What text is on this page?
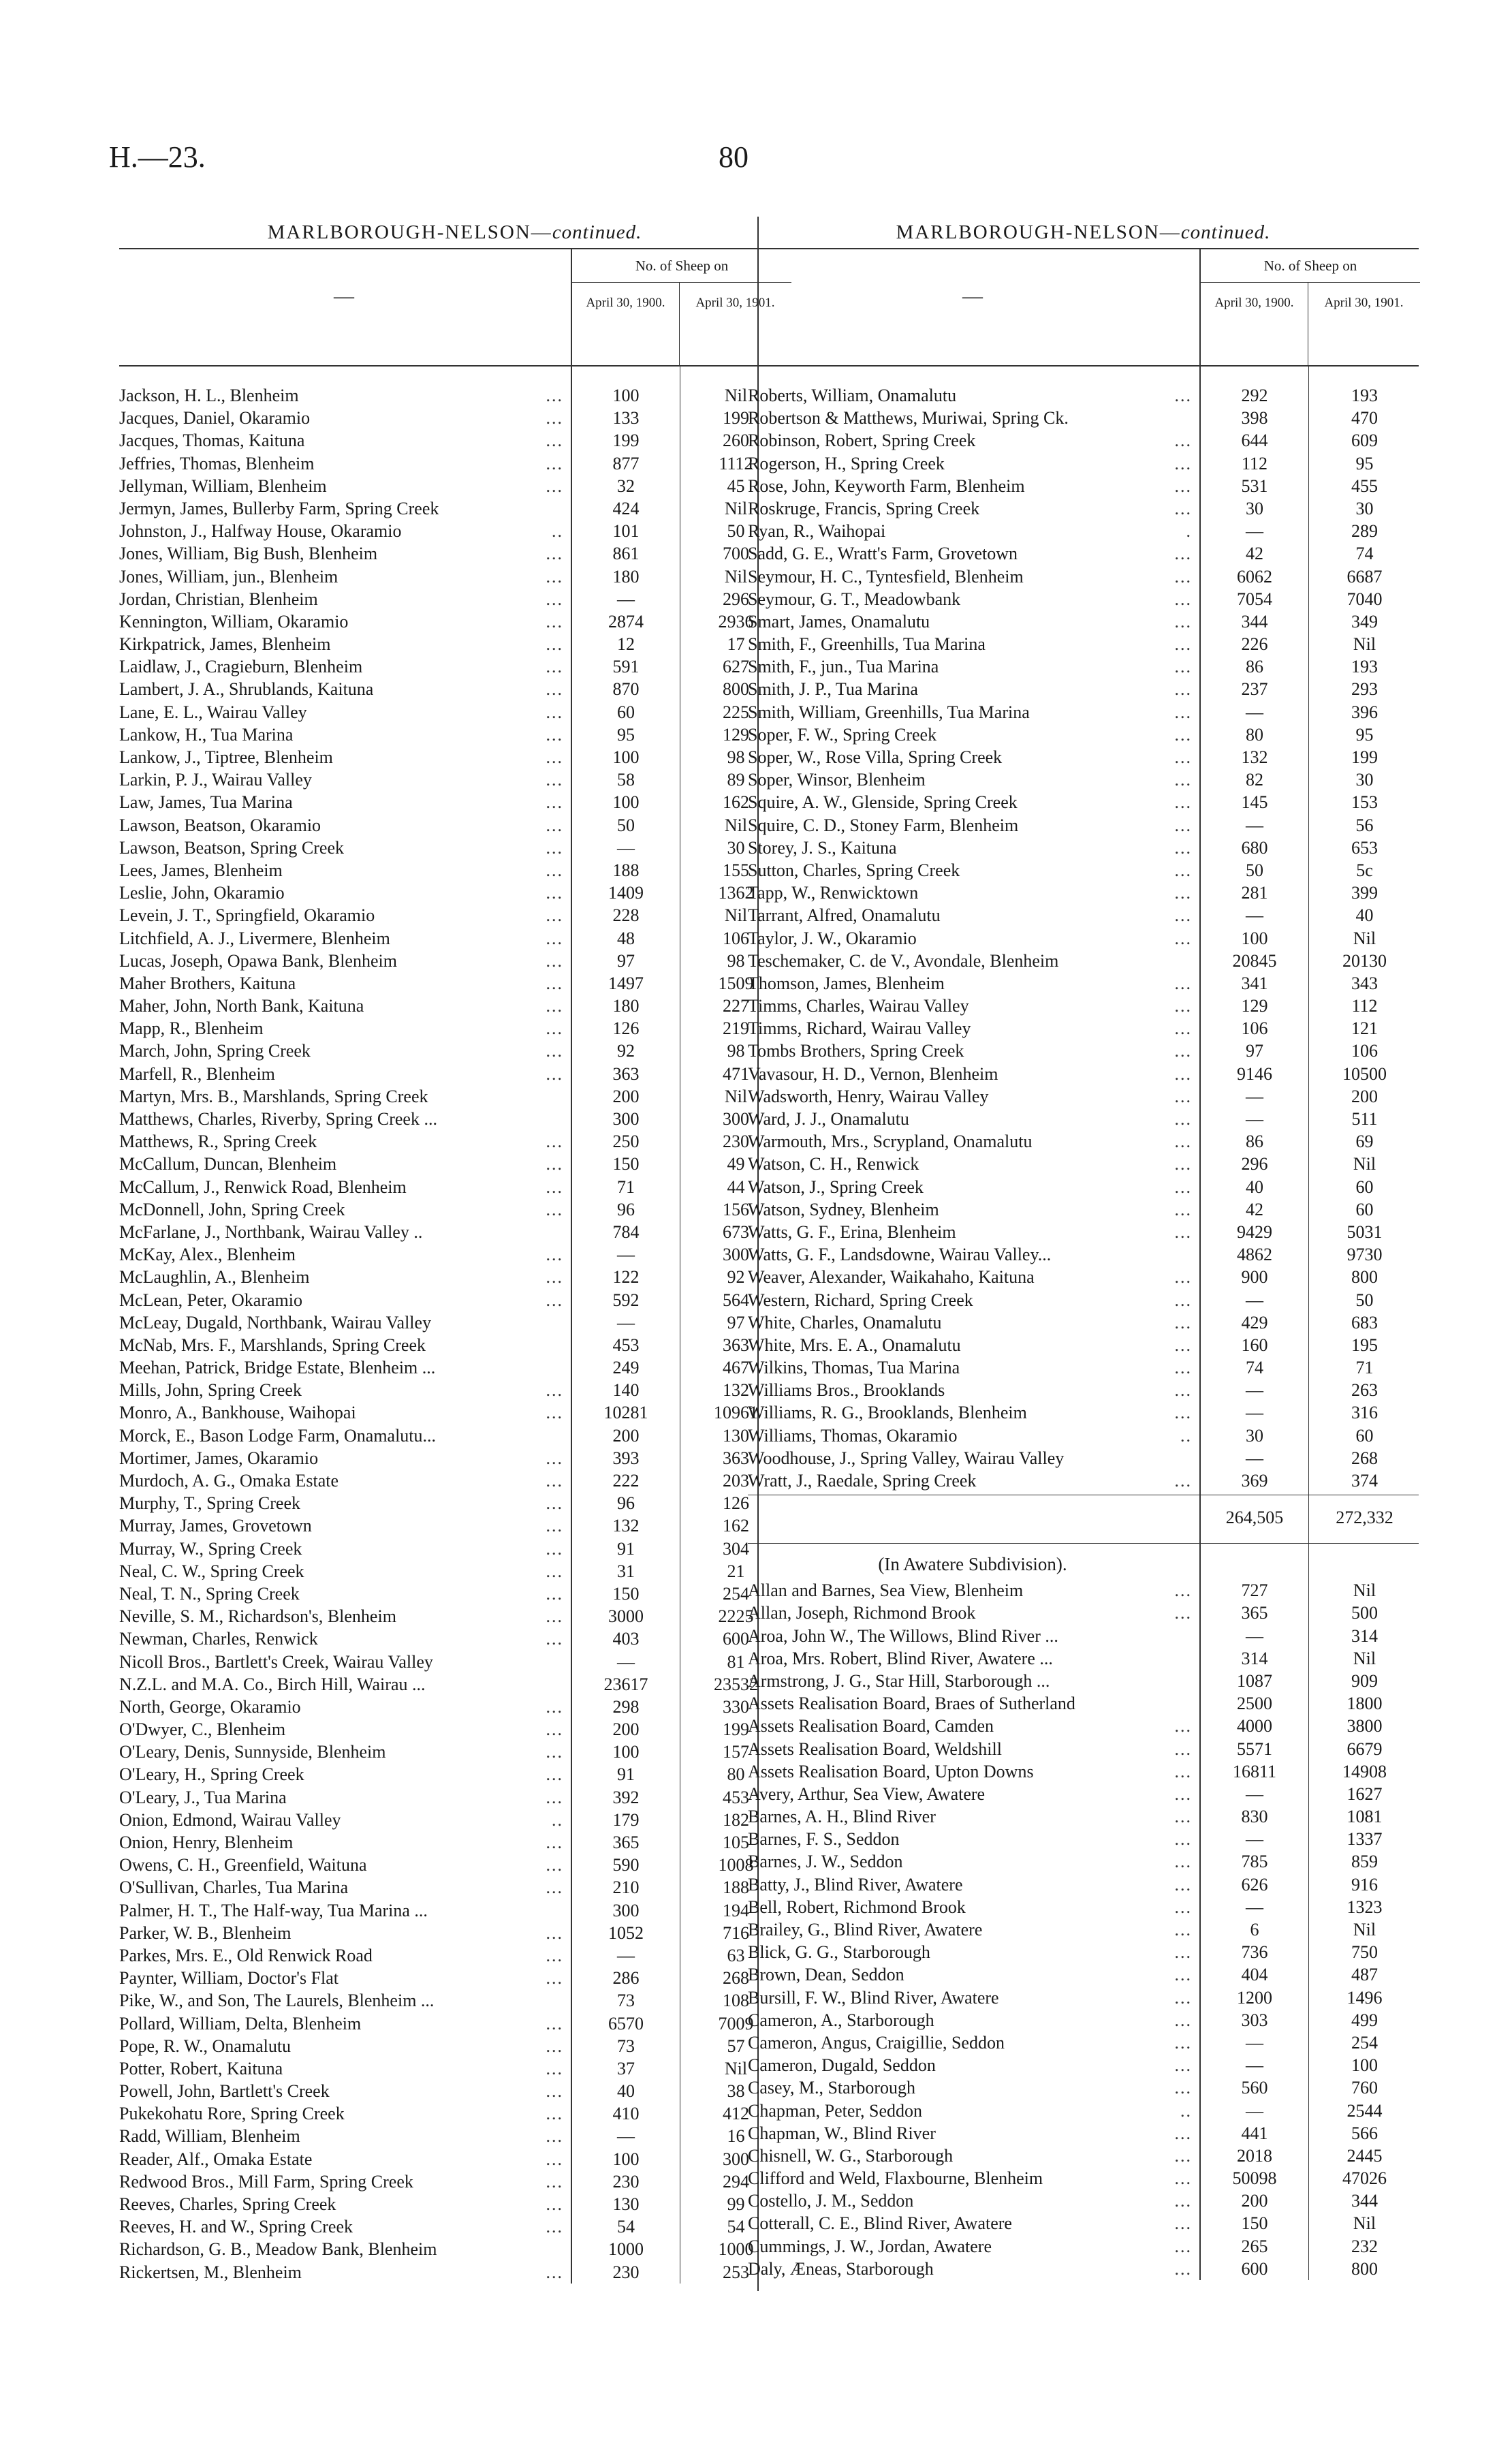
H.—23.	80
MARLBOROUGH-NELSON—continued.
—
No. of Sheep on
April 30, 1900.	April 30, 1901.
Jackson, H. L., Blenheim	...	100	Nil
Jacques, Daniel, Okaramio	...	133	199
Jacques, Thomas, Kaituna	...	199	260
Jeffries, Thomas, Blenheim	...	877	1112
Jellyman, William, Blenheim	...	32	45
Jermyn, James, Bullerby Farm, Spring Creek	424	Nil
Johnston, J., Halfway House, Okaramio	..	101	50
Jones, William, Big Bush, Blenheim	...	861	700
Jones, William, jun., Blenheim	...	180	Nil
Jordan, Christian, Blenheim	...	—	296
Kennington, William, Okaramio	...	2874	2936
Kirkpatrick, James, Blenheim	...	12	17
Laidlaw, J., Cragieburn, Blenheim	...	591	627
Lambert, J. A., Shrublands, Kaituna	...	870	800
Lane, E. L., Wairau Valley	...	60	225
Lankow, H., Tua Marina	...	95	129
Lankow, J., Tiptree, Blenheim	...	100	98
Larkin, P. J., Wairau Valley	...	58	89
Law, James, Tua Marina	...	100	162
Lawson, Beatson, Okaramio	...	50	Nil
Lawson, Beatson, Spring Creek	...	—	30
Lees, James, Blenheim	...	188	155
Leslie, John, Okaramio	...	1409	1362
Levein, J. T., Springfield, Okaramio	...	228	Nil
Litchfield, A. J., Livermere, Blenheim	...	48	106
Lucas, Joseph, Opawa Bank, Blenheim	...	97	98
Maher Brothers, Kaituna	...	1497	1509
Maher, John, North Bank, Kaituna	...	180	227
Mapp, R., Blenheim	...	126	219
March, John, Spring Creek	...	92	98
Marfell, R., Blenheim	...	363	471
Martyn, Mrs. B., Marshlands, Spring Creek	200	Nil
Matthews, Charles, Riverby, Spring Creek ...	300	300
Matthews, R., Spring Creek	...	250	230
McCallum, Duncan, Blenheim	...	150	49
McCallum, J., Renwick Road, Blenheim	...	71	44
McDonnell, John, Spring Creek	...	96	156
McFarlane, J., Northbank, Wairau Valley ..	784	673
McKay, Alex., Blenheim	...	—	300
McLaughlin, A., Blenheim	...	122	92
McLean, Peter, Okaramio	...	592	564
McLeay, Dugald, Northbank, Wairau Valley	—	97
McNab, Mrs. F., Marshlands, Spring Creek	453	363
Meehan, Patrick, Bridge Estate, Blenheim ...	249	467
Mills, John, Spring Creek	...	140	132
Monro, A., Bankhouse, Waihopai	...	10281	10961
Morck, E., Bason Lodge Farm, Onamalutu...	200	130
Mortimer, James, Okaramio	...	393	363
Murdoch, A. G., Omaka Estate	...	222	203
Murphy, T., Spring Creek	...	96	126
Murray, James, Grovetown	...	132	162
Murray, W., Spring Creek	...	91	304
Neal, C. W., Spring Creek	...	31	21
Neal, T. N., Spring Creek	...	150	254
Neville, S. M., Richardson's, Blenheim	...	3000	2225
Newman, Charles, Renwick	...	403	600
Nicoll Bros., Bartlett's Creek, Wairau Valley	—	81
N.Z.L. and M.A. Co., Birch Hill, Wairau ...	23617	23532
North, George, Okaramio	...	298	330
O'Dwyer, C., Blenheim	...	200	199
O'Leary, Denis, Sunnyside, Blenheim	...	100	157
O'Leary, H., Spring Creek	...	91	80
O'Leary, J., Tua Marina	...	392	453
Onion, Edmond, Wairau Valley	..	179	182
Onion, Henry, Blenheim	...	365	105
Owens, C. H., Greenfield, Waituna	...	590	1008
O'Sullivan, Charles, Tua Marina	...	210	188
Palmer, H. T., The Half-way, Tua Marina ...	300	194
Parker, W. B., Blenheim	...	1052	716
Parkes, Mrs. E., Old Renwick Road	...	—	63
Paynter, William, Doctor's Flat	...	286	268
Pike, W., and Son, The Laurels, Blenheim ...	73	108
Pollard, William, Delta, Blenheim	...	6570	7009
Pope, R. W., Onamalutu	...	73	57
Potter, Robert, Kaituna	...	37	Nil
Powell, John, Bartlett's Creek	...	40	38
Pukekohatu Rore, Spring Creek	...	410	412
Radd, William, Blenheim	...	—	16
Reader, Alf., Omaka Estate	...	100	300
Redwood Bros., Mill Farm, Spring Creek	...	230	294
Reeves, Charles, Spring Creek	...	130	99
Reeves, H. and W., Spring Creek	...	54	54
Richardson, G. B., Meadow Bank, Blenheim	1000	1000
Rickertsen, M., Blenheim	...	230	253
MARLBOROUGH-NELSON—continued.
—
No. of Sheep on
April 30, 1900.	April 30, 1901.
Roberts, William, Onamalutu	...	292	193
Robertson & Matthews, Muriwai, Spring Ck.	398	470
Robinson, Robert, Spring Creek	...	644	609
Rogerson, H., Spring Creek	...	112	95
Rose, John, Keyworth Farm, Blenheim	...	531	455
Roskruge, Francis, Spring Creek	...	30	30
Ryan, R., Waihopai	.	—	289
Sadd, G. E., Wratt's Farm, Grovetown	...	42	74
Seymour, H. C., Tyntesfield, Blenheim	...	6062	6687
Seymour, G. T., Meadowbank	...	7054	7040
Smart, James, Onamalutu	...	344	349
Smith, F., Greenhills, Tua Marina	...	226	Nil
Smith, F., jun., Tua Marina	...	86	193
Smith, J. P., Tua Marina	...	237	293
Smith, William, Greenhills, Tua Marina	...	—	396
Soper, F. W., Spring Creek	...	80	95
Soper, W., Rose Villa, Spring Creek	...	132	199
Soper, Winsor, Blenheim	...	82	30
Squire, A. W., Glenside, Spring Creek	...	145	153
Squire, C. D., Stoney Farm, Blenheim	...	—	56
Storey, J. S., Kaituna	...	680	653
Sutton, Charles, Spring Creek	...	50	5c
Tapp, W., Renwicktown	...	281	399
Tarrant, Alfred, Onamalutu	...	—	40
Taylor, J. W., Okaramio	...	100	Nil
Teschemaker, C. de V., Avondale, Blenheim	20845	20130
Thomson, James, Blenheim	...	341	343
Timms, Charles, Wairau Valley	...	129	112
Timms, Richard, Wairau Valley	...	106	121
Tombs Brothers, Spring Creek	...	97	106
Vavasour, H. D., Vernon, Blenheim	...	9146	10500
Wadsworth, Henry, Wairau Valley	...	—	200
Ward, J. J., Onamalutu	...	—	511
Warmouth, Mrs., Scrypland, Onamalutu	...	86	69
Watson, C. H., Renwick	...	296	Nil
Watson, J., Spring Creek	...	40	60
Watson, Sydney, Blenheim	...	42	60
Watts, G. F., Erina, Blenheim	...	9429	5031
Watts, G. F., Landsdowne, Wairau Valley...	4862	9730
Weaver, Alexander, Waikahaho, Kaituna	...	900	800
Western, Richard, Spring Creek	...	—	50
White, Charles, Onamalutu	...	429	683
White, Mrs. E. A., Onamalutu	...	160	195
Wilkins, Thomas, Tua Marina	...	74	71
Williams Bros., Brooklands	...	—	263
Williams, R. G., Brooklands, Blenheim	...	—	316
Williams, Thomas, Okaramio	..	30	60
Woodhouse, J., Spring Valley, Wairau Valley	—	268
Wratt, J., Raedale, Spring Creek	...	369	374
264,505	272,332
(In Awatere Subdivision).
Allan and Barnes, Sea View, Blenheim	...	727	Nil
Allan, Joseph, Richmond Brook	...	365	500
Aroa, John W., The Willows, Blind River ...	—	314
Aroa, Mrs. Robert, Blind River, Awatere ...	314	Nil
Armstrong, J. G., Star Hill, Starborough ...	1087	909
Assets Realisation Board, Braes of Sutherland	2500	1800
Assets Realisation Board, Camden	...	4000	3800
Assets Realisation Board, Weldshill	...	5571	6679
Assets Realisation Board, Upton Downs	...	16811	14908
Avery, Arthur, Sea View, Awatere	...	—	1627
Barnes, A. H., Blind River	...	830	1081
Barnes, F. S., Seddon	...	—	1337
Barnes, J. W., Seddon	...	785	859
Batty, J., Blind River, Awatere	...	626	916
Bell, Robert, Richmond Brook	...	—	1323
Brailey, G., Blind River, Awatere	...	6	Nil
Blick, G. G., Starborough	...	736	750
Brown, Dean, Seddon	...	404	487
Bursill, F. W., Blind River, Awatere	...	1200	1496
Cameron, A., Starborough	...	303	499
Cameron, Angus, Craigillie, Seddon	...	—	254
Cameron, Dugald, Seddon	...	—	100
Casey, M., Starborough	...	560	760
Chapman, Peter, Seddon	..	—	2544
Chapman, W., Blind River	...	441	566
Chisnell, W. G., Starborough	...	2018	2445
Clifford and Weld, Flaxbourne, Blenheim	...	50098	47026
Costello, J. M., Seddon	...	200	344
Cotterall, C. E., Blind River, Awatere	...	150	Nil
Cummings, J. W., Jordan, Awatere	...	265	232
Daly, Æneas, Starborough	...	600	800
